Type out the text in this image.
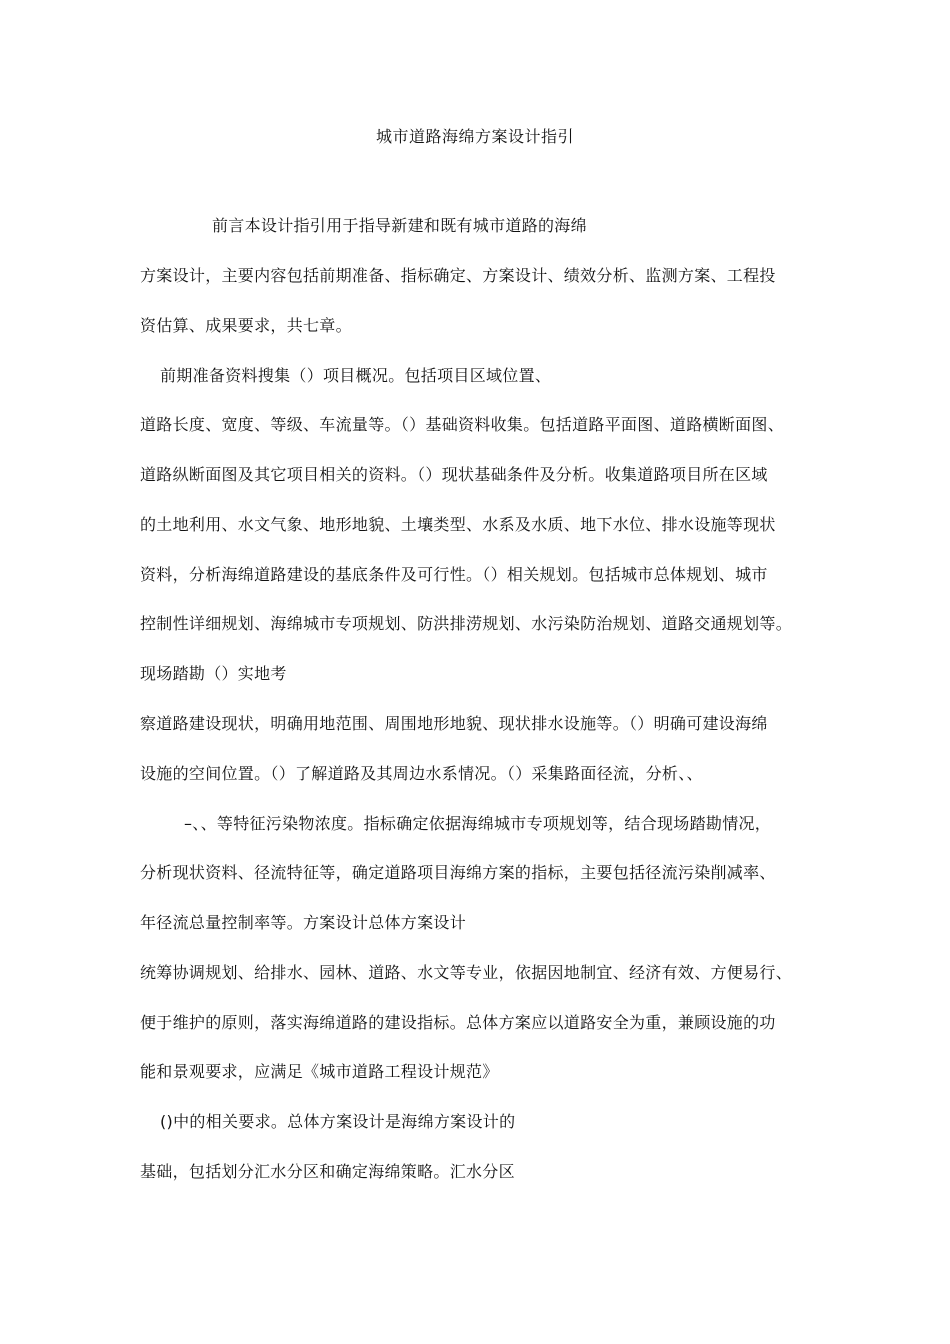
城市道路海绵方案设计指引
前言本设计指引用于指导新建和既有城市道路的海绵
方案设计，主要内容包括前期准备、指标确定、方案设计、绩效分析、监测方案、工程投
资估算、成果要求，共七章。
前期准备资料搜集（）项目概况。包括项目区域位置、
道路长度、宽度、等级、车流量等。（）基础资料收集。包括道路平面图、道路横断面图、
道路纵断面图及其它项目相关的资料。（）现状基础条件及分析。收集道路项目所在区域
的土地利用、水文气象、地形地貌、土壤类型、水系及水质、地下水位、排水设施等现状
资料，分析海绵道路建设的基底条件及可行性。（）相关规划。包括城市总体规划、城市
控制性详细规划、海绵城市专项规划、防洪排涝规划、水污染防治规划、道路交通规划等。
现场踏勘（）实地考
察道路建设现状，明确用地范围、周围地形地貌、现状排水设施等。（）明确可建设海绵
设施的空间位置。（）了解道路及其周边水系情况。（）采集路面径流，分析、、
–、、等特征污染物浓度。指标确定依据海绵城市专项规划等，结合现场踏勘情况，
分析现状资料、径流特征等，确定道路项目海绵方案的指标，主要包括径流污染削减率、
年径流总量控制率等。方案设计总体方案设计
统筹协调规划、给排水、园林、道路、水文等专业，依据因地制宜、经济有效、方便易行、
便于维护的原则，落实海绵道路的建设指标。总体方案应以道路安全为重，兼顾设施的功
能和景观要求，应满足《城市道路工程设计规范》
()中的相关要求。总体方案设计是海绵方案设计的
基础，包括划分汇水分区和确定海绵策略。汇水分区
